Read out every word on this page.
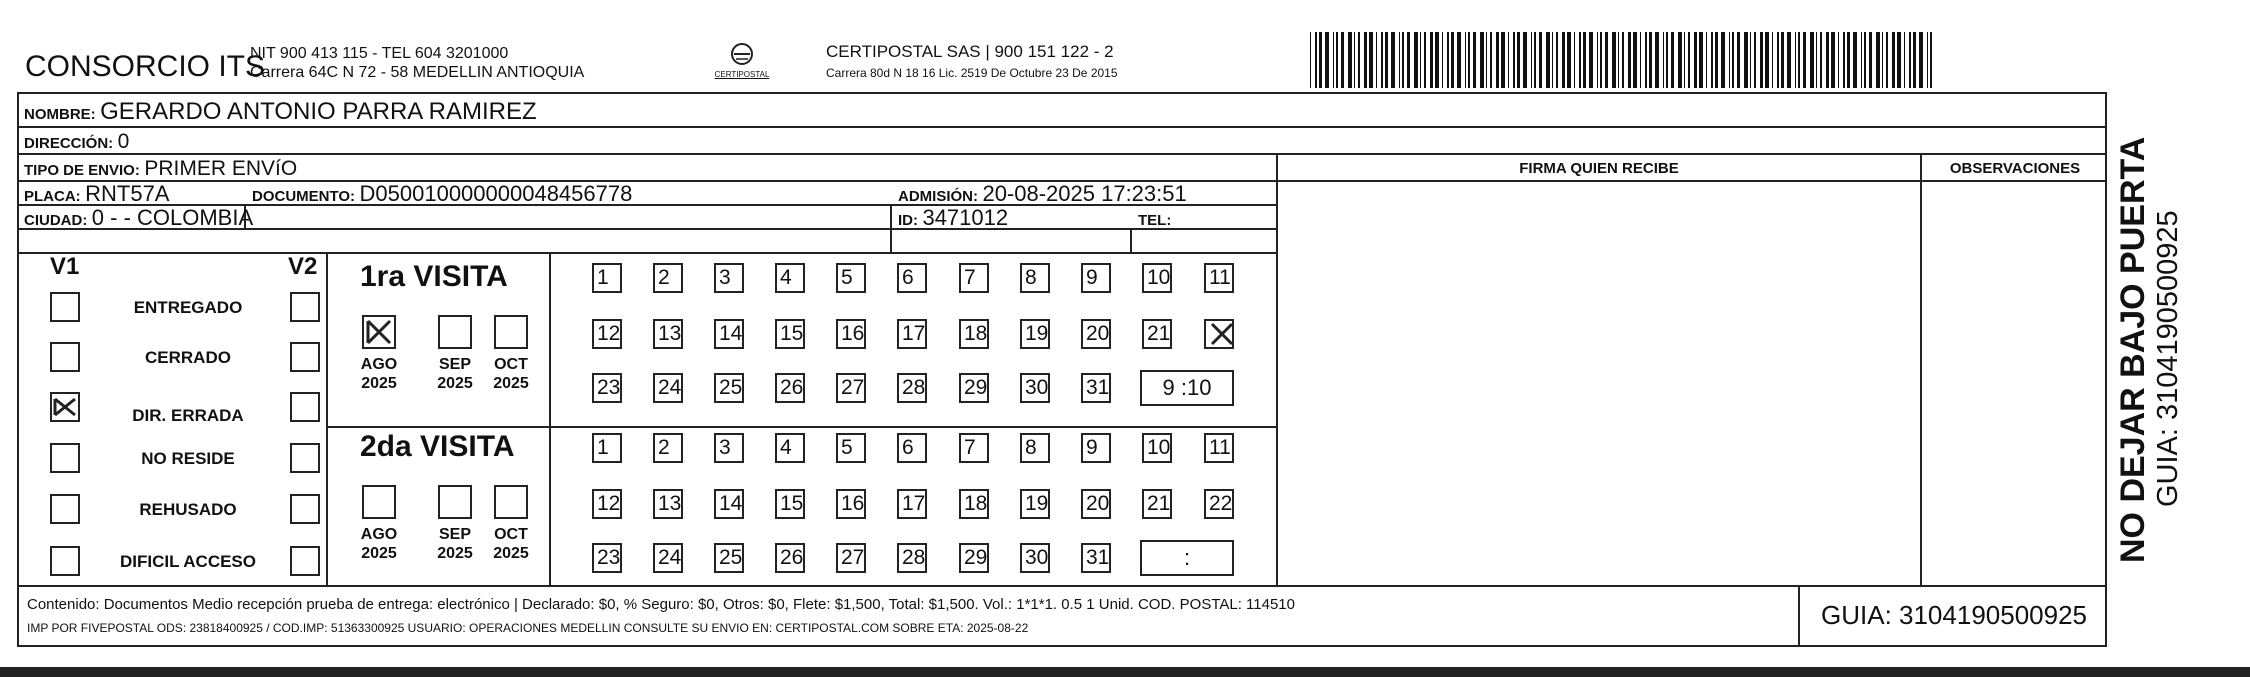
CONSORCIO ITS
NIT 900 413 115 - TEL 604 3201000
Carrera 64C N 72 - 58 MEDELLIN ANTIOQUIA	CERTIPOSTAL
CERTIPOSTAL SAS | 900 151 122 - 2
Carrera 80d N 18 16 Lic. 2519 De Octubre 23 De 2015
NOMBRE: GERARDO ANTONIO PARRA RAMIREZ
DIRECCIÓN: 0
TIPO DE ENVIO: PRIMER ENVíO
PLACA: RNT57A	DOCUMENTO: D050010000000048456778	ADMISIÓN: 20-08-2025 17:23:51
CIUDAD: 0 - - COLOMBIA	ID: 3471012	TEL:
FIRMA QUIEN RECIBE	OBSERVACIONES
V1	V2
ENTREGADO
CERRADO
DIR. ERRADA
NO RESIDE
REHUSADO
DIFICIL ACCESO
1ra VISITA
2da VISITA
AGO
2025
SEP
2025
OCT
2025
1	2	3	4	5	6	7	8	9	10 11
12 13 14 15 16 17 18 19 20 21
23 24 25 26 27 28 29 30 31	9 :10
AGO
2025
SEP
2025
OCT
2025
1	2	3	4	5	6	7	8	9	10 11
12 13 14 15 16 17 18 19 20 21 22
23 24 25 26 27 28 29 30 31	:
Contenido: Documentos Medio recepción prueba de entrega: electrónico | Declarado: $0, % Seguro: $0, Otros: $0, Flete: $1,500, Total: $1,500. Vol.: 1*1*1. 0.5 1 Unid. COD. POSTAL: 114510
IMP POR FIVEPOSTAL ODS: 23818400925 / COD.IMP: 51363300925 USUARIO: OPERACIONES MEDELLIN CONSULTE SU ENVIO EN: CERTIPOSTAL.COM SOBRE ETA: 2025-08-22	GUIA: 3104190500925
NO DEJAR BAJO PUERTA GUIA: 3104190500925
